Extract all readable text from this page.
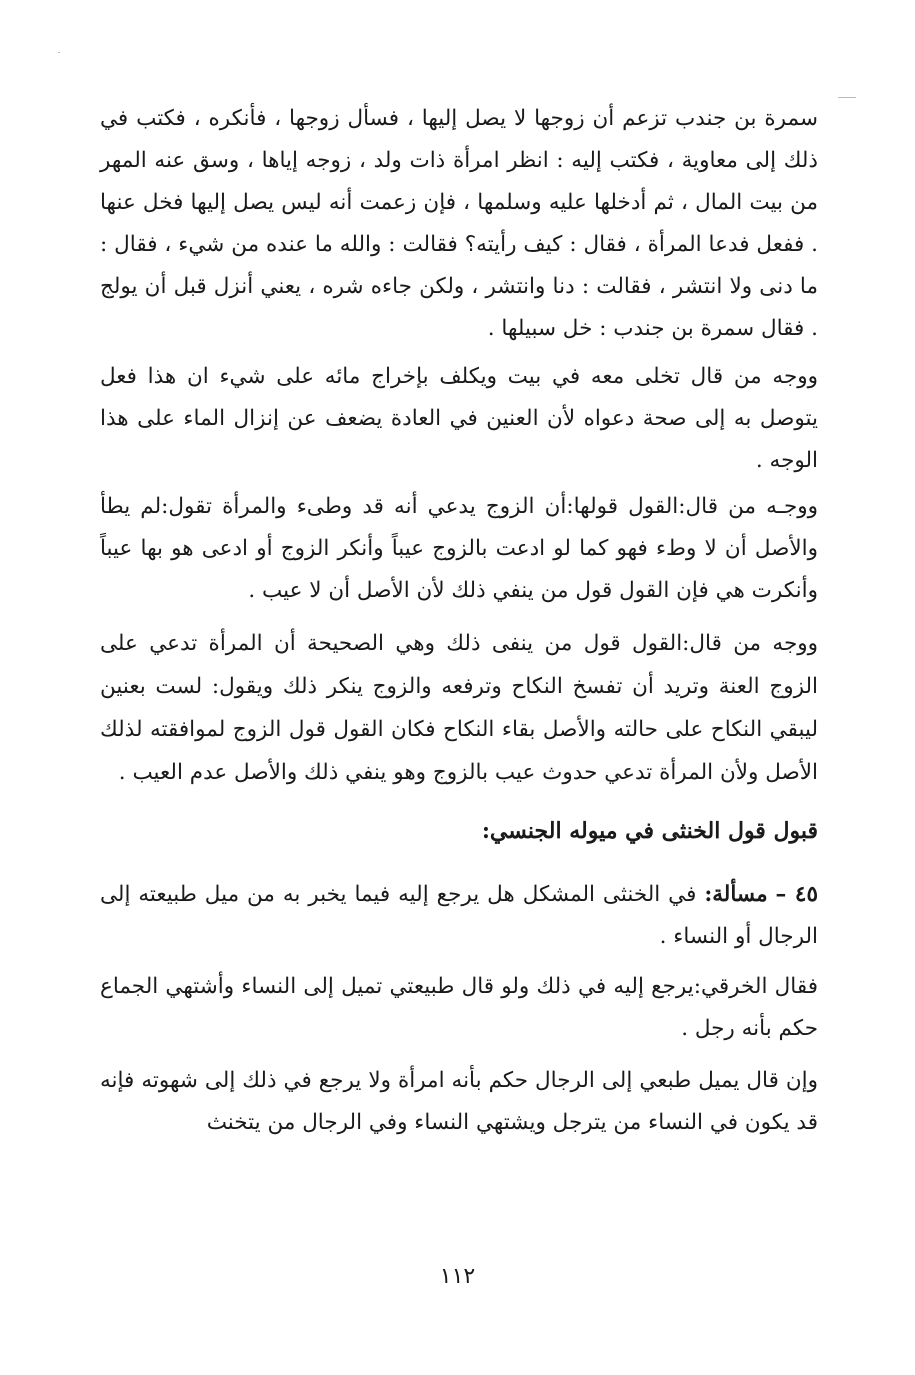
سمرة بن جندب تزعم أن زوجها لا يصل إليها ، فسأل زوجها ، فأنكره ، فكتب في ذلك إلى معاوية ، فكتب إليه : انظر امرأة ذات ولد ، زوجه إياها ، وسق عنه المهر من بيت المال ، ثم أدخلها عليه وسلمها ، فإن زعمت أنه ليس يصل إليها فخل عنها . ففعل فدعا المرأة ، فقال : كيف رأيته؟ فقالت : والله ما عنده من شيء ، فقال : ما دنى ولا انتشر ، فقالت : دنا وانتشر ، ولكن جاءه شره ، يعني أنزل قبل أن يولج . فقال سمرة بن جندب : خل سبيلها .

ووجه من قال تخلى معه في بيت ويكلف بإخراج مائه على شيء ان هذا فعل يتوصل به إلى صحة دعواه لأن العنين في العادة يضعف عن إنزال الماء على هذا الوجه .

ووجـه من قال:القول قولها:أن الزوج يدعي أنه قد وطىء والمرأة تقول:لم يطأ والأصل أن لا وطء فهو كما لو ادعت بالزوج عيباً وأنكر الزوج أو ادعى هو بها عيباً وأنكرت هي فإن القول قول من ينفي ذلك لأن الأصل أن لا عيب .

ووجه من قال:القول قول من ينفى ذلك وهي الصحيحة أن المرأة تدعي على الزوج العنة وتريد أن تفسخ النكاح وترفعه والزوج ينكر ذلك ويقول: لست بعنين ليبقي النكاح على حالته والأصل بقاء النكاح فكان القول قول الزوج لموافقته لذلك الأصل ولأن المرأة تدعي حدوث عيب بالزوج وهو ينفي ذلك والأصل عدم العيب .

قبول قول الخنثى في ميوله الجنسي:

٤٥ – مسألة: في الخنثى المشكل هل يرجع إليه فيما يخبر به من ميل طبيعته إلى الرجال أو النساء .

فقال الخرقي:يرجع إليه في ذلك ولو قال طبيعتي تميل إلى النساء وأشتهي الجماع حكم بأنه رجل .

وإن قال يميل طبعي إلى الرجال حكم بأنه امرأة ولا يرجع في ذلك إلى شهوته فإنه قد يكون في النساء من يترجل ويشتهي النساء وفي الرجال من يتخنث

١١٢
